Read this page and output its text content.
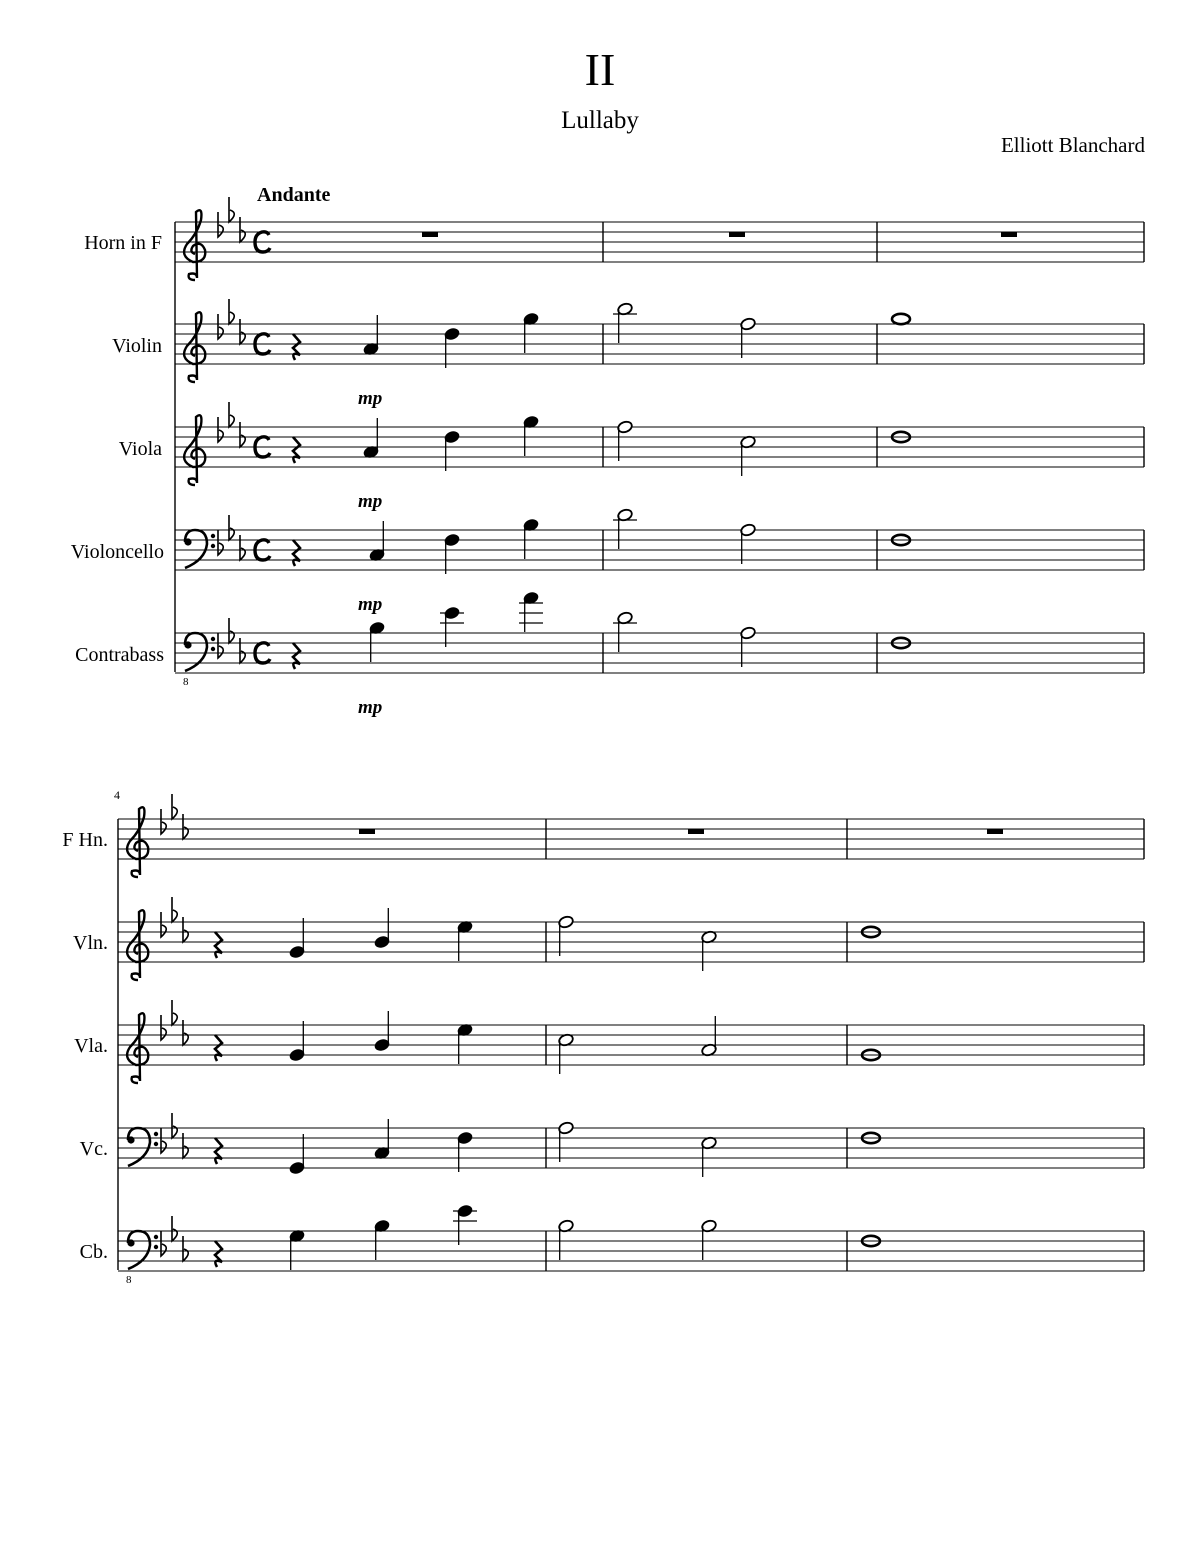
II
Lullaby
Elliott Blanchard
Andante
Horn in F
Violin
Viola
Violoncello
Contrabass
8
mp
mp
mp
mp
4
F Hn.
Vln.
Vla.
Vc.
Cb.
8
